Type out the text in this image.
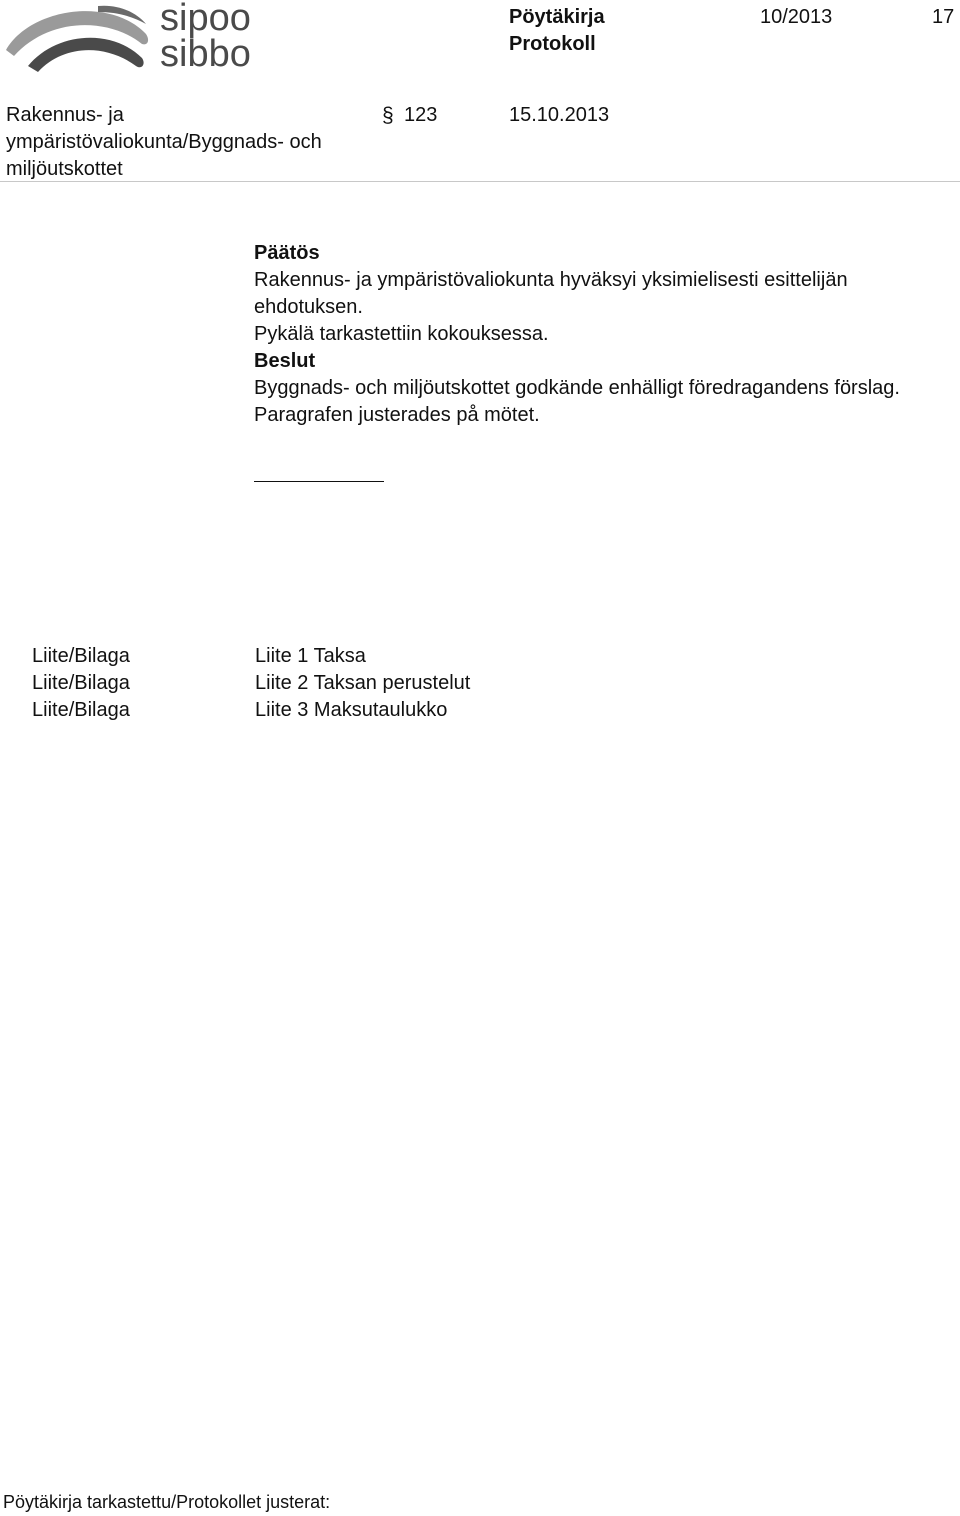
sipoo
sibbo
Pöytäkirja
Protokoll
10/2013	17
Rakennus- ja
ympäristövaliokunta/Byggnads- och
miljöutskottet
§ 123	15.10.2013

Päätös

Rakennus- ja ympäristövaliokunta hyväksyi yksimielisesti esittelijän ehdotuksen.

Pykälä tarkastettiin kokouksessa.

Beslut

Byggnads- och miljöutskottet godkände enhälligt föredragandens förslag.

Paragrafen justerades på mötet.

Liite/Bilaga
Liite/Bilaga
Liite/Bilaga
Liite 1 Taksa
Liite 2 Taksan perustelut
Liite 3 Maksutaulukko
Pöytäkirja tarkastettu/Protokollet justerat:
